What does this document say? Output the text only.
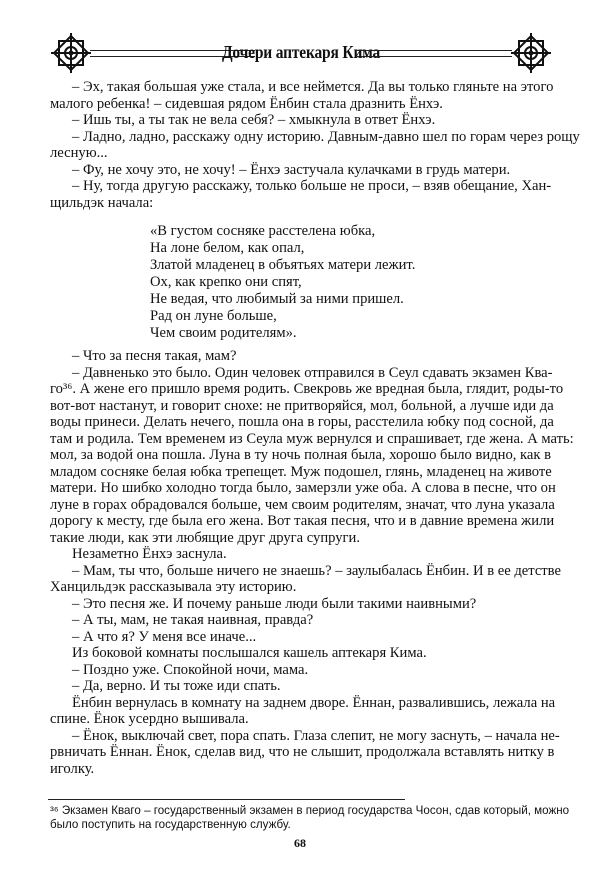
Дочери аптекаря Кима
– Эх, такая большая уже стала, и все неймется. Да вы только гляньте на этого
малого ребенка! – сидевшая рядом Ёнбин стала дразнить Ёнхэ.
– Ишь ты, а ты так не вела себя? – хмыкнула в ответ Ёнхэ.
– Ладно, ладно, расскажу одну историю. Давным-давно шел по горам через рощу
лесную...
– Фу, не хочу это, не хочу! – Ёнхэ застучала кулачками в грудь матери.
– Ну, тогда другую расскажу, только больше не проси, – взяв обещание, Хан-
щильдэк начала:
«В густом сосняке расстелена юбка,
На лоне белом, как опал,
Златой младенец в объятьях матери лежит.
Ох, как крепко они спят,
Не ведая, что любимый за ними пришел.
Рад он луне больше,
Чем своим родителям».
– Что за песня такая, мам?
– Давненько это было. Один человек отправился в Сеул сдавать экзамен Ква-
го³⁶. А жене его пришло время родить. Свекровь же вредная была, глядит, роды-то
вот-вот настанут, и говорит снохе: не притворяйся, мол, больной, а лучше иди да
воды принеси. Делать нечего, пошла она в горы, расстелила юбку под сосной, да
там и родила. Тем временем из Сеула муж вернулся и спрашивает, где жена. А мать:
мол, за водой она пошла. Луна в ту ночь полная была, хорошо было видно, как в
младом сосняке белая юбка трепещет. Муж подошел, глянь, младенец на животе
матери. Но шибко холодно тогда было, замерзли уже оба. А слова в песне, что он
луне в горах обрадовался больше, чем своим родителям, значат, что луна указала
дорогу к месту, где была его жена. Вот такая песня, что и в давние времена жили
такие люди, как эти любящие друг друга супруги.
Незаметно Ёнхэ заснула.
– Мам, ты что, больше ничего не знаешь? – заулыбалась Ёнбин. И в ее детстве
Ханцильдэк рассказывала эту историю.
– Это песня же. И почему раньше люди были такими наивными?
– А ты, мам, не такая наивная, правда?
– А что я? У меня все иначе...
Из боковой комнаты послышался кашель аптекаря Кима.
– Поздно уже. Спокойной ночи, мама.
– Да, верно. И ты тоже иди спать.
Ёнбин вернулась в комнату на заднем дворе. Ённан, развалившись, лежала на
спине. Ёнок усердно вышивала.
– Ёнок, выключай свет, пора спать. Глаза слепит, не могу заснуть, – начала не-
рвничать Ённан. Ёнок, сделав вид, что не слышит, продолжала вставлять нитку в
иголку.
³⁶ Экзамен Кваго – государственный экзамен в период государства Чосон, сдав который, можно
было поступить на государственную службу.
68
